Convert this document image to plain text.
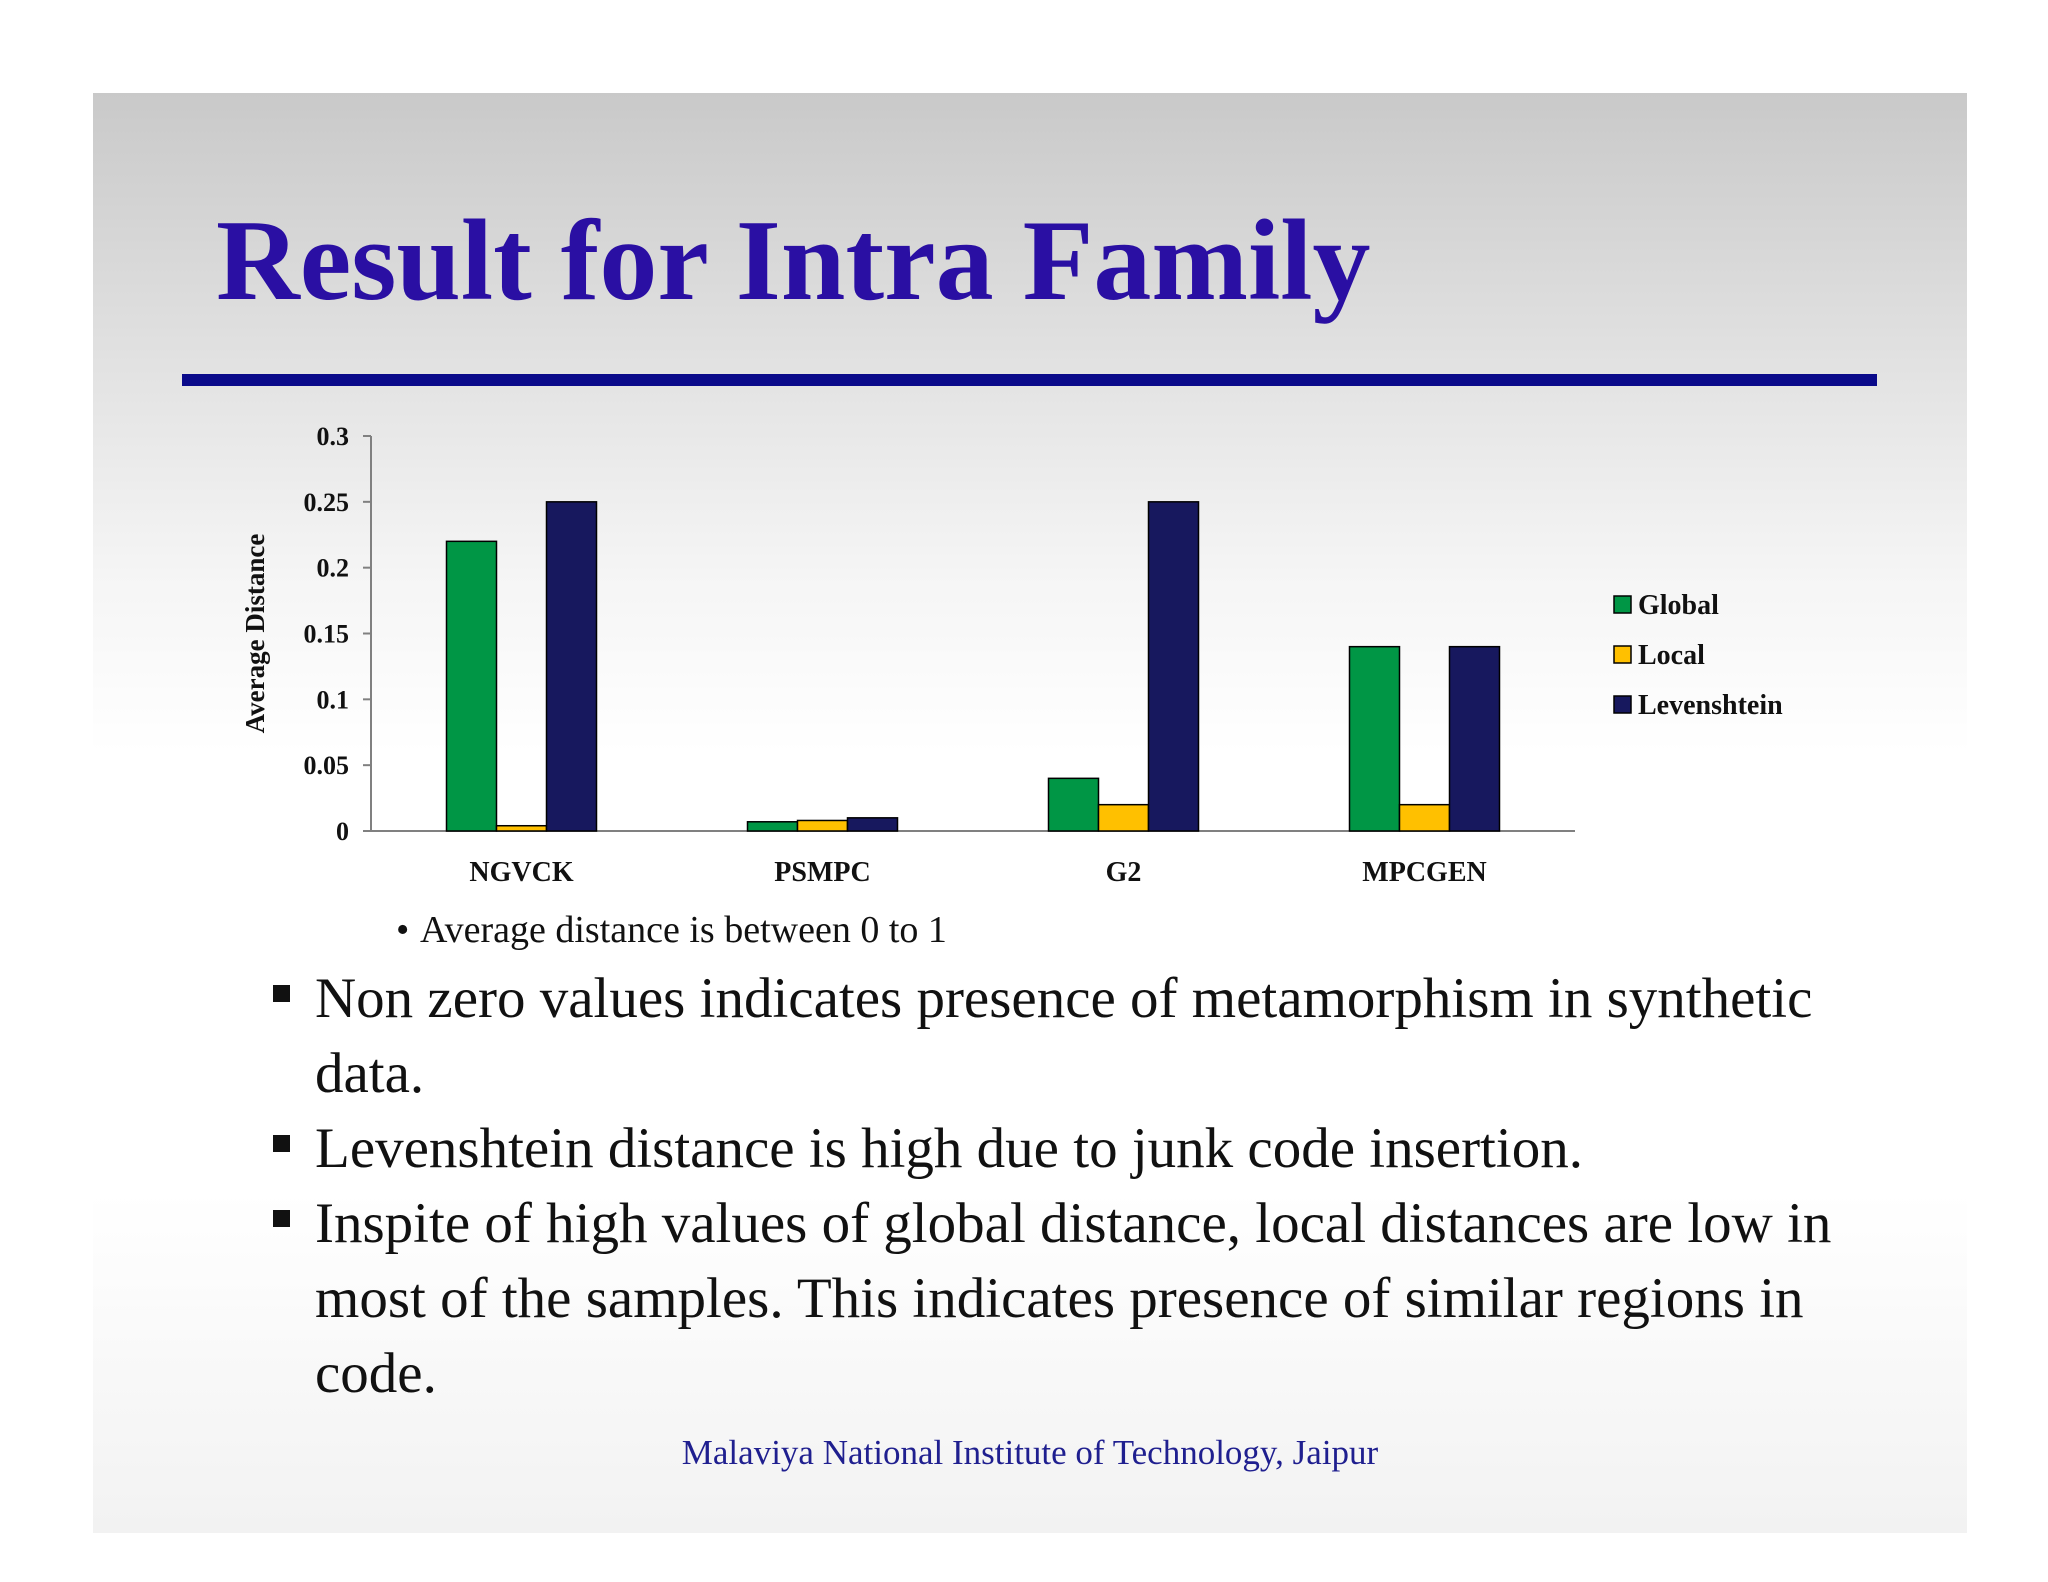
Result for Intra Family
0
0.05
0.1
0.15
0.2
0.25
0.3
Average Distance
NGVCK	PSMPC	G2	MPCGEN
Global
Local
Levenshtein
• Average distance is between 0 to 1
Non zero values indicates presence of metamorphism in synthetic data.
Levenshtein distance is high due to junk code insertion.
Inspite of high values of global distance, local distances are low in most of the samples. This indicates presence of similar regions in code.
Malaviya National Institute of Technology, Jaipur
